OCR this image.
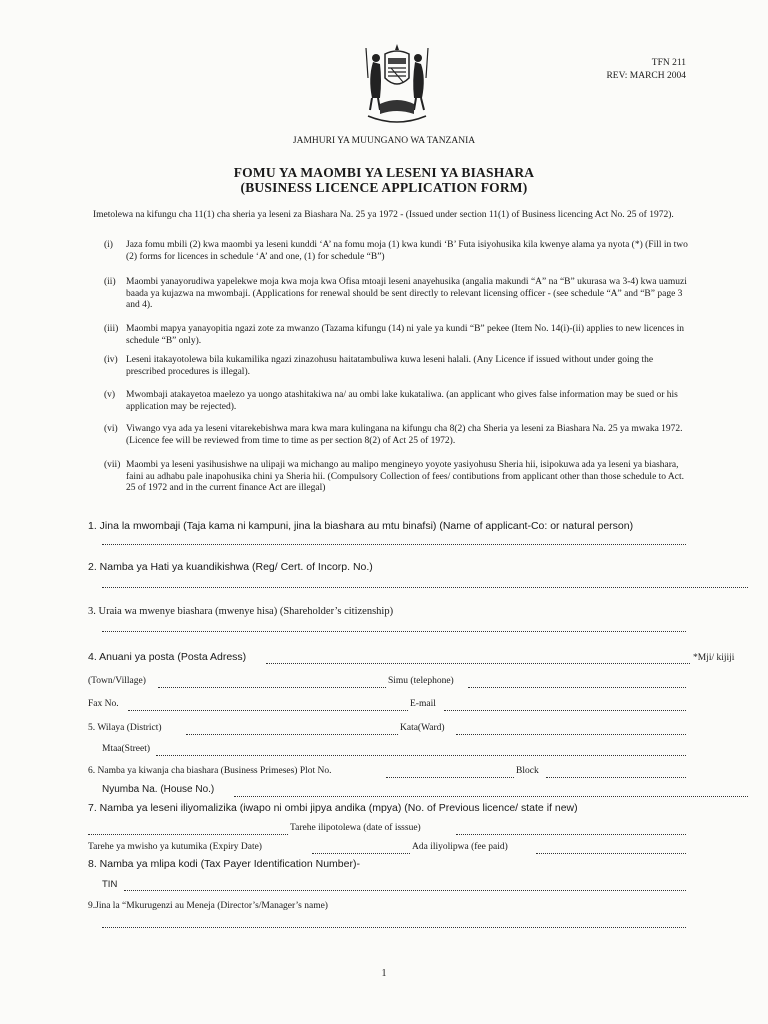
TFN 211
REV: MARCH 2004
JAMHURI YA MUUNGANO WA TANZANIA
FOMU YA MAOMBI YA LESENI YA BIASHARA
(BUSINESS LICENCE APPLICATION FORM)
Imetolewa na kifungu cha 11(1) cha sheria ya leseni za Biashara Na. 25 ya 1972 - (Issued under section 11(1) of Business licencing Act No. 25 of 1972).
(i) Jaza fomu mbili (2) kwa maombi ya leseni kunddi ‘A’ na fomu moja (1) kwa kundi ‘B’ Futa isiyohusika kila kwenye alama ya nyota (*) (Fill in two (2) forms for licences in schedule ‘A’ and one, (1) for schedule “B”)
(ii) Maombi yanayorudiwa yapelekwe moja kwa moja kwa Ofisa mtoaji leseni anayehusika (angalia makundi “A” na “B” ukurasa wa 3-4) kwa uamuzi baada ya kujazwa na mwombaji. (Applications for renewal should be sent directly to relevant licensing officer - (see schedule “A” and “B” page 3 and 4).
(iii) Maombi mapya yanayopitia ngazi zote za mwanzo (Tazama kifungu (14) ni yale ya kundi “B” pekee (Item No. 14(i)-(ii) applies to new licences in schedule “B” only).
(iv) Leseni itakayotolewa bila kukamilika ngazi zinazohusu haitatambuliwa kuwa leseni halali. (Any Licence if issued without under going the prescribed procedures is illegal).
(v) Mwombaji atakayetoa maelezo ya uongo atashitakiwa na/ au ombi lake kukataliwa. (an applicant who gives false information may be sued or his application may be rejected).
(vi) Viwango vya ada ya leseni vitarekebishwa mara kwa mara kulingana na kifungu cha 8(2) cha Sheria ya leseni za Biashara Na. 25 ya mwaka 1972. (Licence fee will be reviewed from time to time as per section 8(2) of Act 25 of 1972).
(vii) Maombi ya leseni yasihusishwe na ulipaji wa michango au malipo mengineyo yoyote yasiyohusu Sheria hii, isipokuwa ada ya leseni ya biashara, faini au adhabu pale inapohusika chini ya Sheria hii. (Compulsory Collection of fees/ contibutions from applicant other than those schedule to Act. 25 of 1972 and in the current finance Act are illegal)
1. Jina la mwombaji (Taja kama ni kampuni, jina la biashara au mtu binafsi) (Name of applicant-Co: or natural person)
2. Namba ya Hati ya kuandikishwa (Reg/ Cert. of Incorp. No.)
3. Uraia wa mwenye biashara (mwenye hisa) (Shareholder’s citizenship)
4. Anuani ya posta (Posta Adress)	*Mji/ kijiji
(Town/Village)	Simu (telephone)
Fax No.	E-mail
5. Wilaya (District)	Kata(Ward)
Mtaa(Street)
6. Namba ya kiwanja cha biashara (Business Primeses) Plot No.	Block
Nyumba Na. (House No.)
7. Namba ya leseni iliyomalizika (iwapo ni ombi jipya andika (mpya) (No. of Previous licence/ state if new)
Tarehe ilipotolewa (date of isssue)
Tarehe ya mwisho ya kutumika (Expiry Date)	Ada iliyolipwa (fee paid)
8. Namba ya mlipa kodi (Tax Payer Identification Number)-
TIN
9.Jina la “Mkurugenzi au Meneja (Director’s/Manager’s name)
1
